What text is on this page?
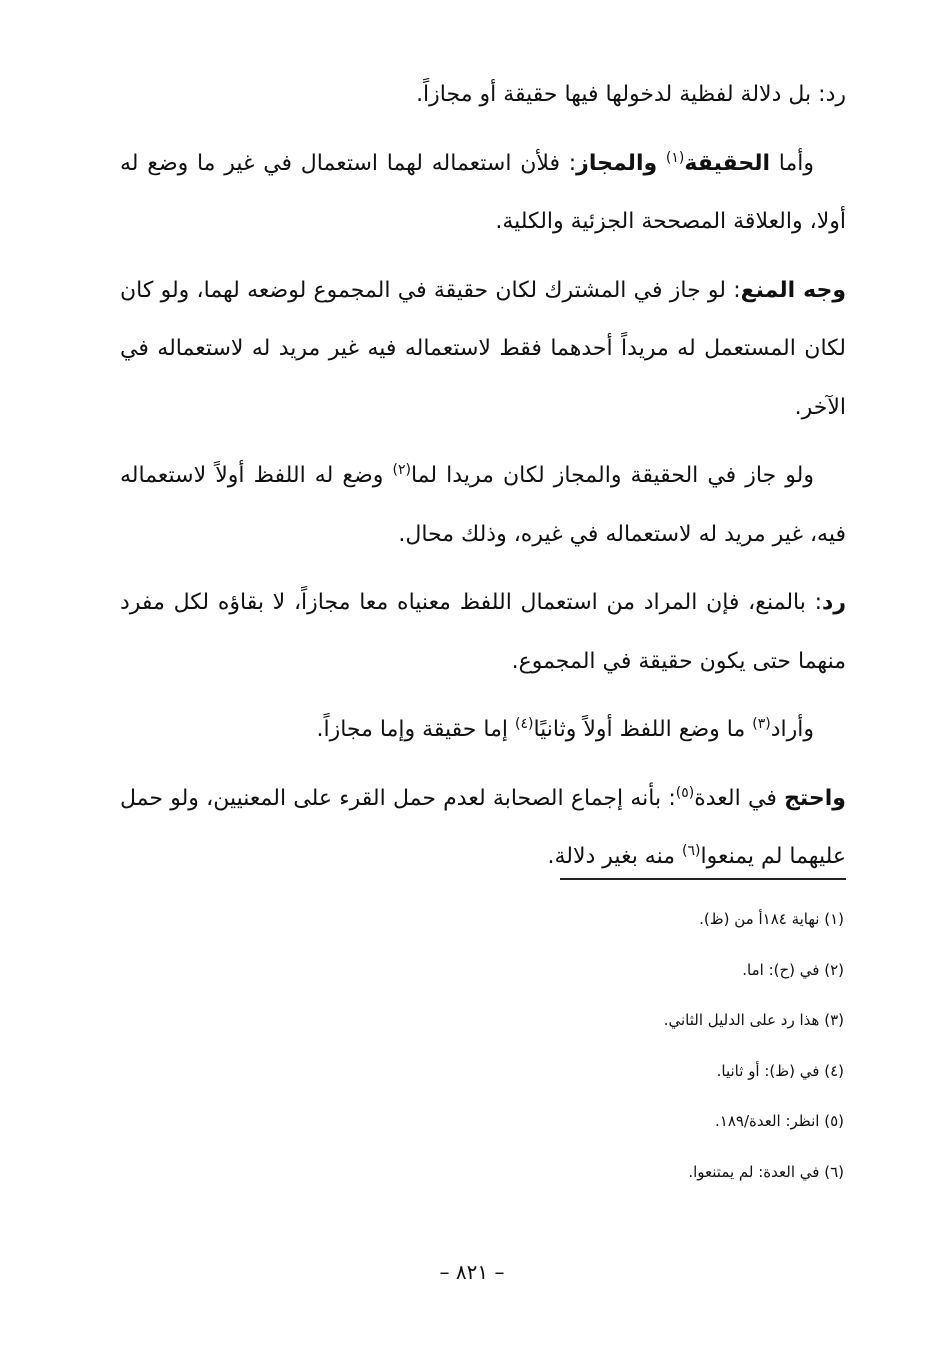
رد: بل دلالة لفظية لدخولها فيها حقيقة أو مجازاً.

وأما الحقيقة$^{(١)}$ والمجاز: فلأن استعماله لهما استعمال في غير ما وضع له أولا، والعلاقة المصححة الجزئية والكلية.

وجه المنع: لو جاز في المشترك لكان حقيقة في المجموع لوضعه لهما، ولو كان لكان المستعمل له مريداً أحدهما فقط لاستعماله فيه غير مريد له لاستعماله في الآخر.

ولو جاز في الحقيقة والمجاز لكان مريدا لما$^{(٢)}$ وضع له اللفظ أولاً لاستعماله فيه، غير مريد له لاستعماله في غيره، وذلك محال.

رد: بالمنع، فإن المراد من استعمال اللفظ معنياه معا مجازاً، لا بقاؤه لكل مفرد منهما حتى يكون حقيقة في المجموع.

وأراد$^{(٣)}$ ما وضع اللفظ أولاً وثانيًا$^{(٤)}$ إما حقيقة وإما مجازاً.

واحتج في العدة$^{(٥)}$: بأنه إجماع الصحابة لعدم حمل القرء على المعنيين، ولو حمل عليهما لم يمنعوا$^{(٦)}$ منه بغير دلالة.

(١) نهاية ١٨٤أ من (ظ).

(٢) في (ح): اما.

(٣) هذا رد على الدليل الثاني.

(٤) في (ظ): أو ثانيا.

(٥) انظر: العدة/١٨٩.

(٦) في العدة: لم يمتنعوا.

– ٨٢١ –
